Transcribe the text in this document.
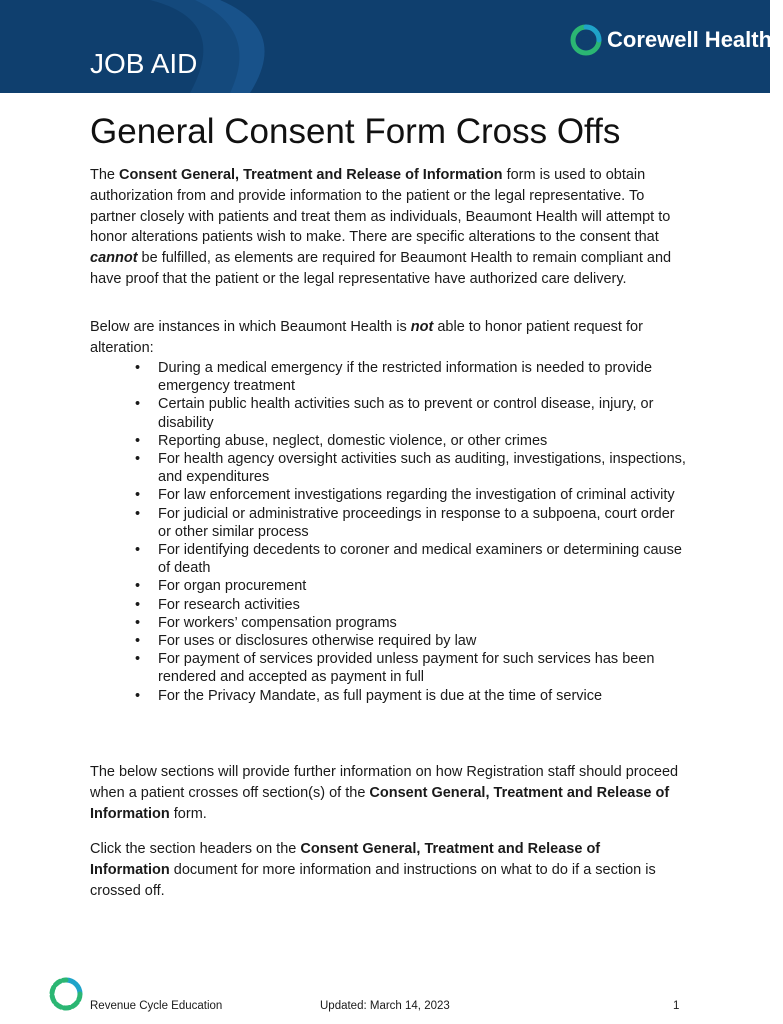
JOB AID
Corewell Health TM
General Consent Form Cross Offs

The Consent General, Treatment and Release of Information form is used to obtain authorization from and provide information to the patient or the legal representative. To partner closely with patients and treat them as individuals, Beaumont Health will attempt to honor alterations patients wish to make. There are specific alterations to the consent that cannot be fulfilled, as elements are required for Beaumont Health to remain compliant and have proof that the patient or the legal representative have authorized care delivery.

Below are instances in which Beaumont Health is not able to honor patient request for alteration:

• During a medical emergency if the restricted information is needed to provide emergency treatment
• Certain public health activities such as to prevent or control disease, injury, or disability
• Reporting abuse, neglect, domestic violence, or other crimes
• For health agency oversight activities such as auditing, investigations, inspections, and expenditures
• For law enforcement investigations regarding the investigation of criminal activity
• For judicial or administrative proceedings in response to a subpoena, court order or other similar process
• For identifying decedents to coroner and medical examiners or determining cause of death
• For organ procurement
• For research activities
• For workers’ compensation programs
• For uses or disclosures otherwise required by law
• For payment of services provided unless payment for such services has been rendered and accepted as payment in full
• For the Privacy Mandate, as full payment is due at the time of service

The below sections will provide further information on how Registration staff should proceed when a patient crosses off section(s) of the Consent General, Treatment and Release of Information form.

Click the section headers on the Consent General, Treatment and Release of Information document for more information and instructions on what to do if a section is crossed off.

Revenue Cycle Education	Updated: March 14, 2023	1
